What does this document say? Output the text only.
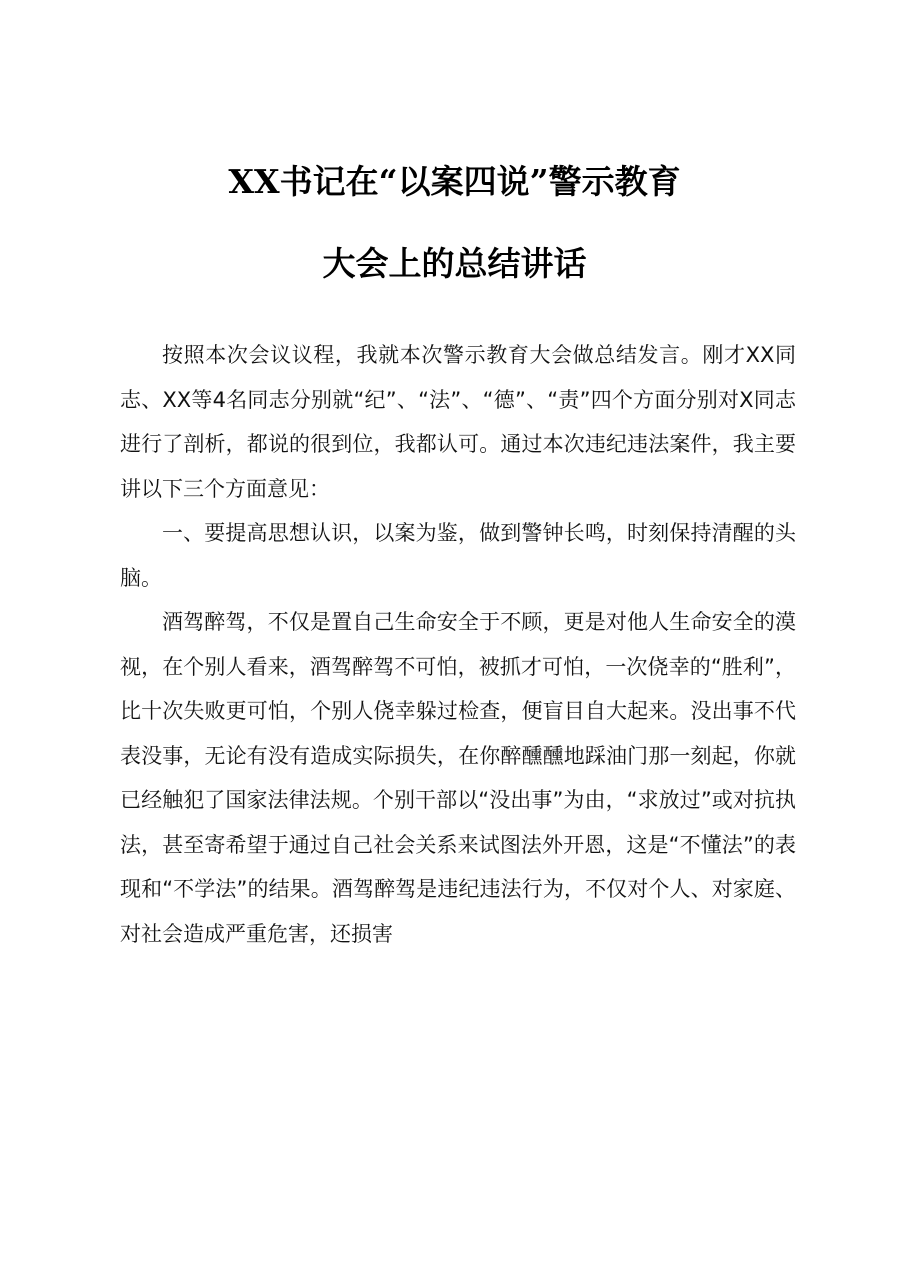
XX书记在“以案四说”警示教育
大会上的总结讲话

按照本次会议议程，我就本次警示教育大会做总结发言。刚才XX同志、XX等4名同志分别就“纪”、“法”、“德”、“责”四个方面分别对X同志进行了剖析，都说的很到位，我都认可。通过本次违纪违法案件，我主要讲以下三个方面意见：

一、要提高思想认识，以案为鉴，做到警钟长鸣，时刻保持清醒的头脑。

酒驾醉驾，不仅是置自己生命安全于不顾，更是对他人生命安全的漠视，在个别人看来，酒驾醉驾不可怕，被抓才可怕，一次侥幸的“胜利”，比十次失败更可怕，个别人侥幸躲过检查，便盲目自大起来。没出事不代表没事，无论有没有造成实际损失，在你醉醺醺地踩油门那一刻起，你就已经触犯了国家法律法规。个别干部以“没出事”为由，“求放过”或对抗执法，甚至寄希望于通过自己社会关系来试图法外开恩，这是“不懂法”的表现和“不学法”的结果。酒驾醉驾是违纪违法行为，不仅对个人、对家庭、对社会造成严重危害，还损害
